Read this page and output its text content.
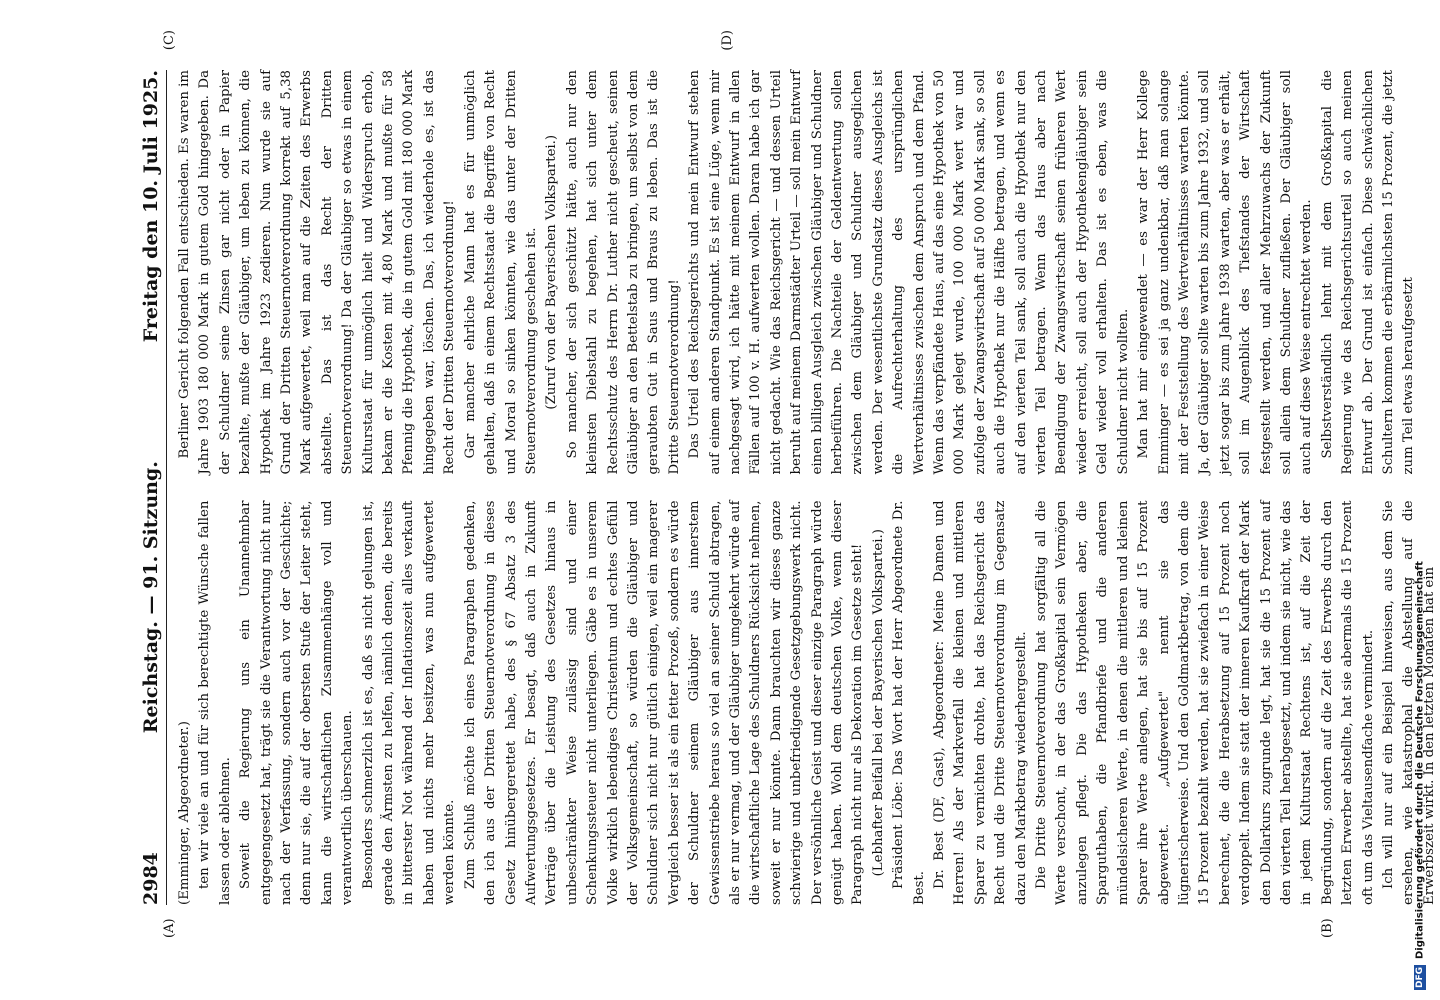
DFG
Digitalisierung gefördert durch die Deutsche Forschungsgemeinschaft
2984
Reichstag. — 91. Sitzung.
Freitag den 10. Juli 1925.
(A)	(B)
(C)	(D)

(Emminger, Abgeordneter.) ten wir viele an und für sich berechtigte Wünsche fallen lassen oder ablehnen. Soweit die Regierung uns ein Unannehmbar entgegengesetzt hat, trägt sie die Verantwortung nicht nur nach der Verfassung, sondern auch vor der Geschichte; denn nur sie, die auf der obersten Stufe der Leiter steht, kann die wirtschaftlichen Zusammenhänge voll und verantwortlich überschauen. Besonders schmerzlich ist es, daß es nicht gelungen ist, gerade den Ärmsten zu helfen, nämlich denen, die bereits in bitterster Not während der Inflationszeit alles verkauft haben und nichts mehr besitzen, was nun aufgewertet werden könnte. Zum Schluß möchte ich eines Paragraphen gedenken, den ich aus der Dritten Steuernotverordnung in dieses Gesetz hinübergerettet habe, des § 67 Absatz 3 des Aufwertungsgesetzes. Er besagt, daß auch in Zukunft Verträge über die Leistung des Gesetzes hinaus in unbeschränkter Weise zulässig sind und einer Schenkungssteuer nicht unterliegen. Gäbe es in unserem Volke wirklich lebendiges Christentum und echtes Gefühl der Volksgemeinschaft, so würden die Gläubiger und Schuldner sich nicht nur gütlich einigen, weil ein magerer Vergleich besser ist als ein fetter Prozeß, sondern es würde der Schuldner seinem Gläubiger aus innerstem Gewissenstriebe heraus so viel an seiner Schuld abtragen, als er nur vermag, und der Gläubiger umgekehrt würde auf die wirtschaftliche Lage des Schuldners Rücksicht nehmen, soweit er nur könnte. Dann brauchten wir dieses ganze schwierige und unbefriedigende Gesetzgebungswerk nicht. Der versöhnliche Geist und dieser einzige Paragraph würde genügt haben. Wohl dem deutschen Volke, wenn dieser Paragraph nicht nur als Dekoration im Gesetze steht! (Lebhafter Beifall bei der Bayerischen Volkspartei.) Präsident Löbe: Das Wort hat der Herr Abgeordnete Dr. Best. Dr. Best (DF, Gast), Abgeordneter: Meine Damen und Herren! Als der Markverfall die kleinen und mittleren Sparer zu vernichten drohte, hat das Reichsgericht das Recht und die Dritte Steuernotverordnung im Gegensatz dazu den Markbetrag wiederhergestellt. Die Dritte Steuernotverordnung hat sorgfältig all die Werte verschont, in der das Großkapital sein Vermögen anzulegen pflegt. Die das Hypotheken aber, die Sparguthaben, die Pfandbriefe und die anderen mündelsicheren Werte, in denen die mittleren und kleinen Sparer ihre Werte anlegen, hat sie bis auf 15 Prozent abgewertet. „Aufgewertet" nennt sie das lügnerischerweise. Und den Goldmarkbetrag, von dem die 15 Prozent bezahlt werden, hat sie zwiefach in einer Weise berechnet, die die Herabsetzung auf 15 Prozent noch verdoppelt. Indem sie statt der inneren Kaufkraft der Mark den Dollarkurs zugrunde legt, hat sie die 15 Prozent auf den vierten Teil herabgesetzt, und indem sie nicht, wie das in jedem Kulturstaat Rechtens ist, auf die Zeit der Begründung, sondern auf die Zeit des Erwerbs durch den letzten Erwerber abstellte, hat sie abermals die 15 Prozent oft um das Vieltausendfache vermindert. Ich will nur auf ein Beispiel hinweisen, aus dem Sie ersehen, wie katastrophal die Abstellung auf die Erwerbszeit wirkt. In den letzten Monaten hat ein

Berliner Gericht folgenden Fall entschieden. Es waren im Jahre 1903 180 000 Mark in gutem Gold hingegeben. Da der Schuldner seine Zinsen gar nicht oder in Papier bezahlte, mußte der Gläubiger, um leben zu können, die Hypothek im Jahre 1923 zedieren. Nun wurde sie auf Grund der Dritten Steuernotverordnung korrekt auf 5,38 Mark aufgewertet, weil man auf die Zeiten des Erwerbs abstellte. Das ist das Recht der Dritten Steuernotverordnung! Da der Gläubiger so etwas in einem Kulturstaat für unmöglich hielt und Widerspruch erhob, bekam er die Kosten mit 4,80 Mark und mußte für 58 Pfennig die Hypothek, die in gutem Gold mit 180 000 Mark hingegeben war, löschen. Das, ich wiederhole es, ist das Recht der Dritten Steuernotverordnung! Gar mancher ehrliche Mann hat es für unmöglich gehalten, daß in einem Rechtsstaat die Begriffe von Recht und Moral so sinken könnten, wie das unter der Dritten Steuernotverordnung geschehen ist. (Zuruf von der Bayerischen Volkspartei.) So mancher, der sich geschützt hätte, auch nur den kleinsten Diebstahl zu begehen, hat sich unter dem Rechtsschutz des Herrn Dr. Luther nicht gescheut, seinen Gläubiger an den Bettelstab zu bringen, um selbst von dem geraubten Gut in Saus und Braus zu leben. Das ist die Dritte Steuernotverordnung! Das Urteil des Reichsgerichts und mein Entwurf stehen auf einem anderen Standpunkt. Es ist eine Lüge, wenn mir nachgesagt wird, ich hätte mit meinem Entwurf in allen Fällen auf 100 v. H. aufwerten wollen. Daran habe ich gar nicht gedacht. Wie das Reichsgericht — und dessen Urteil beruht auf meinem Darmstädter Urteil — soll mein Entwurf einen billigen Ausgleich zwischen Gläubiger und Schuldner herbeiführen. Die Nachteile der Geldentwertung sollen zwischen dem Gläubiger und Schuldner ausgeglichen werden. Der wesentlichste Grundsatz dieses Ausgleichs ist die Aufrechterhaltung des ursprünglichen Wertverhältnisses zwischen dem Anspruch und dem Pfand. Wenn das verpfändete Haus, auf das eine Hypothek von 50 000 Mark gelegt wurde, 100 000 Mark wert war und zufolge der Zwangswirtschaft auf 50 000 Mark sank, so soll auch die Hypothek nur die Hälfte betragen, und wenn es auf den vierten Teil sank, soll auch die Hypothek nur den vierten Teil betragen. Wenn das Haus aber nach Beendigung der Zwangswirtschaft seinen früheren Wert wieder erreicht, soll auch der Hypothekengläubiger sein Geld wieder voll erhalten. Das ist es eben, was die Schuldner nicht wollten. Man hat mir eingewendet — es war der Herr Kollege Emminger — es sei ja ganz undenkbar, daß man solange mit der Feststellung des Wertverhältnisses warten könnte. Ja, der Gläubiger sollte warten bis zum Jahre 1932, und soll jetzt sogar bis zum Jahre 1938 warten, aber was er erhält, soll im Augenblick des Tiefstandes der Wirtschaft festgestellt werden, und aller Mehrzuwachs der Zukunft soll allein dem Schuldner zufließen. Der Gläubiger soll auch auf diese Weise entrechtet werden. Selbstverständlich lehnt mit dem Großkapital die Regierung wie das Reichsgerichtsurteil so auch meinen Entwurf ab. Der Grund ist einfach. Diese schwächlichen Schultern kommen die erbärmlichsten 15 Prozent, die jetzt zum Teil etwas heraufgesetzt
